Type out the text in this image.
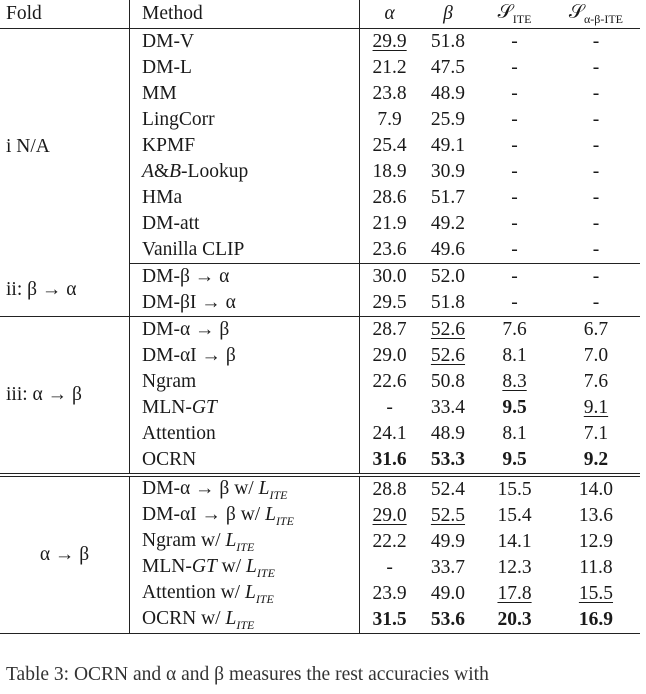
Fold	Method	α	β	𝒮$_{ITE}$	𝒮$_{\alpha-\beta-ITE}$
i N/A	DM-V	29.9	51.8	-	-
	DM-L	21.2	47.5	-	-
	MM	23.8	48.9	-	-
	LingCorr	7.9	25.9	-	-
	KPMF	25.4	49.1	-	-
	A&B-Lookup	18.9	30.9	-	-
	HMa	28.6	51.7	-	-
	DM-att	21.9	49.2	-	-
	Vanilla CLIP	23.6	49.6	-	-
ii: β → α	DM-β → α	30.0	52.0	-	-
	DM-βI → α	29.5	51.8	-	-
iii: α → β	DM-α → β	28.7	52.6	7.6	6.7
	DM-αI → β	29.0	52.6	8.1	7.0
	Ngram	22.6	50.8	8.3	7.6
	MLN-GT	-	33.4	9.5	9.1
	Attention	24.1	48.9	8.1	7.1
	OCRN	31.6	53.3	9.5	9.2
α → β	DM-α → β w/ $L_{ITE}$	28.8	52.4	15.5	14.0
	DM-αI → β w/ $L_{ITE}$	29.0	52.5	15.4	13.6
	Ngram w/ $L_{ITE}$	22.2	49.9	14.1	12.9
	MLN-GT w/ $L_{ITE}$	-	33.7	12.3	11.8
	Attention w/ $L_{ITE}$	23.9	49.0	17.8	15.5
	OCRN w/ $L_{ITE}$	31.5	53.6	20.3	16.9
Table 3: OCRN and α and β measures the rest accuracies with
